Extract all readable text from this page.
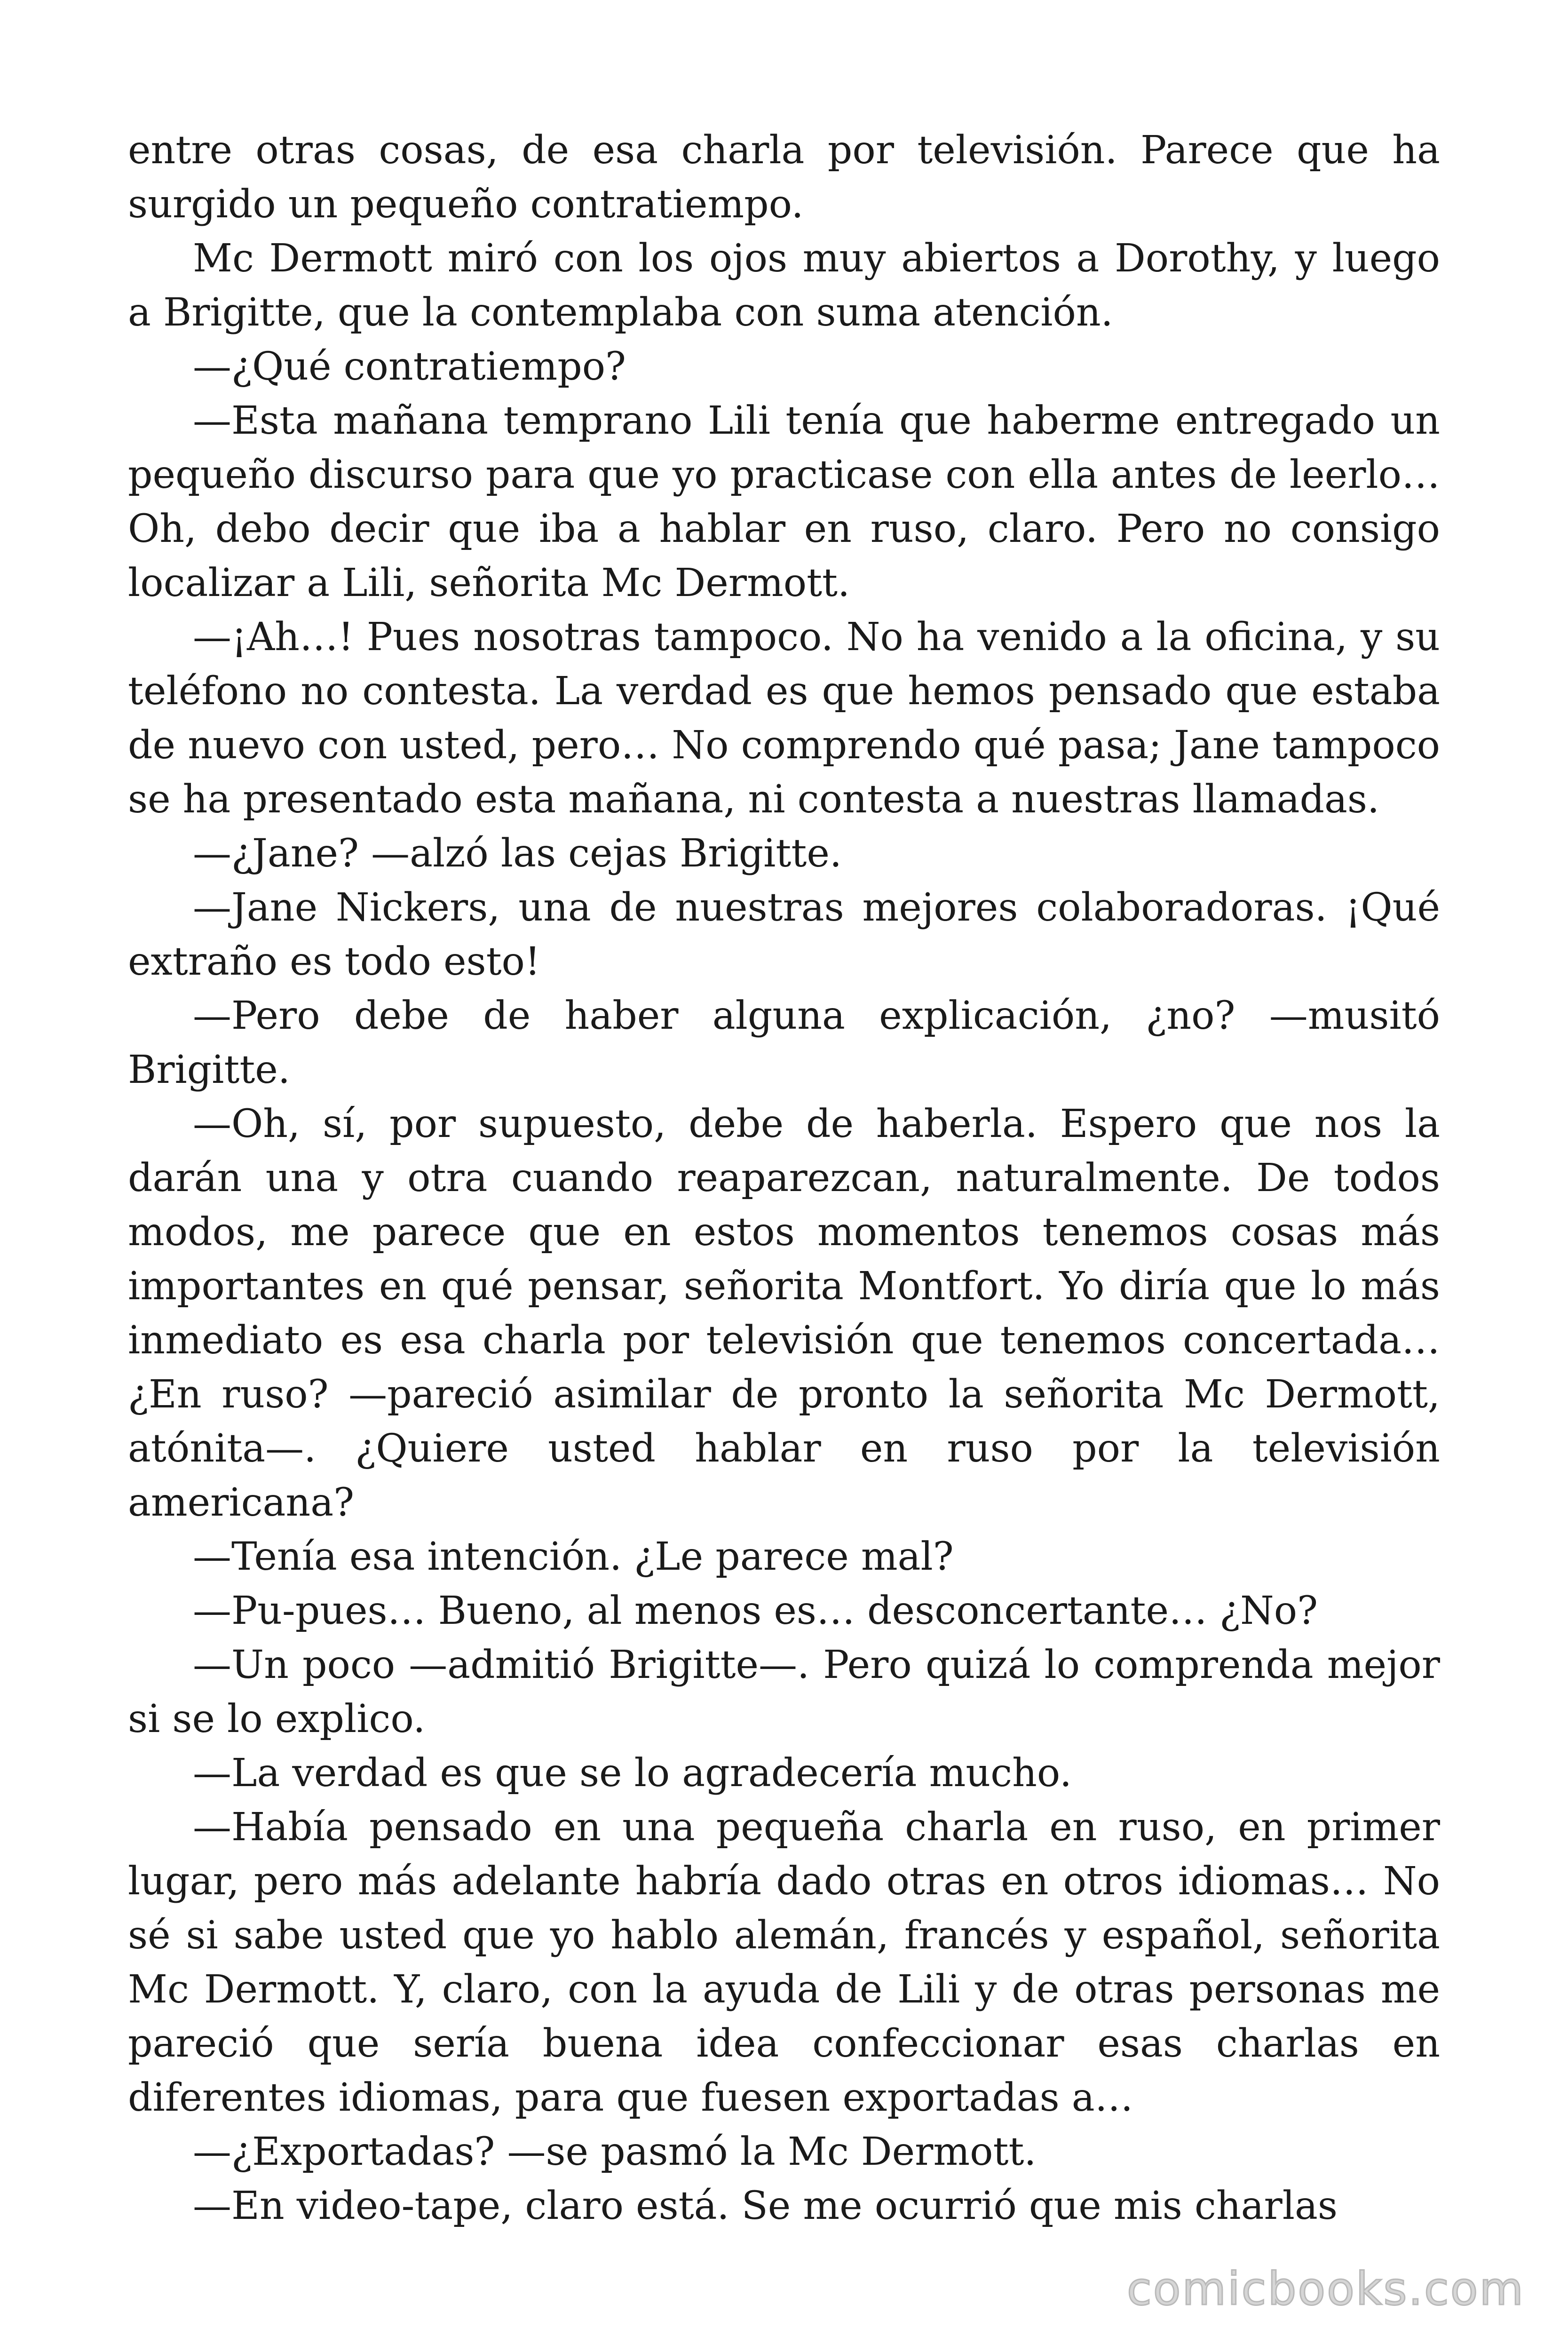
entre otras cosas, de esa charla por televisión. Parece que ha surgido un pequeño contratiempo.

Mc Dermott miró con los ojos muy abiertos a Dorothy, y luego a Brigitte, que la contemplaba con suma atención.

—¿Qué contratiempo?

—Esta mañana temprano Lili tenía que haberme entregado un pequeño discurso para que yo practicase con ella antes de leerlo… Oh, debo decir que iba a hablar en ruso, claro. Pero no consigo localizar a Lili, señorita Mc Dermott.

—¡Ah…! Pues nosotras tampoco. No ha venido a la oficina, y su teléfono no contesta. La verdad es que hemos pensado que estaba de nuevo con usted, pero… No comprendo qué pasa; Jane tampoco se ha presentado esta mañana, ni contesta a nuestras llamadas.

—¿Jane? —alzó las cejas Brigitte.

—Jane Nickers, una de nuestras mejores colaboradoras. ¡Qué extraño es todo esto!

—Pero debe de haber alguna explicación, ¿no? —musitó Brigitte.

—Oh, sí, por supuesto, debe de haberla. Espero que nos la darán una y otra cuando reaparezcan, naturalmente. De todos modos, me parece que en estos momentos tenemos cosas más importantes en qué pensar, señorita Montfort. Yo diría que lo más inmediato es esa charla por televisión que tenemos concertada… ¿En ruso? —pareció asimilar de pronto la señorita Mc Dermott, atónita—. ¿Quiere usted hablar en ruso por la televisión americana?

—Tenía esa intención. ¿Le parece mal?

—Pu-pues… Bueno, al menos es… desconcertante… ¿No?

—Un poco —admitió Brigitte—. Pero quizá lo comprenda mejor si se lo explico.

—La verdad es que se lo agradecería mucho.

—Había pensado en una pequeña charla en ruso, en primer lugar, pero más adelante habría dado otras en otros idiomas… No sé si sabe usted que yo hablo alemán, francés y español, señorita Mc Dermott. Y, claro, con la ayuda de Lili y de otras personas me pareció que sería buena idea confeccionar esas charlas en diferentes idiomas, para que fuesen exportadas a…

—¿Exportadas? —se pasmó la Mc Dermott.

—En video-tape, claro está. Se me ocurrió que mis charlas

comicbooks.com
